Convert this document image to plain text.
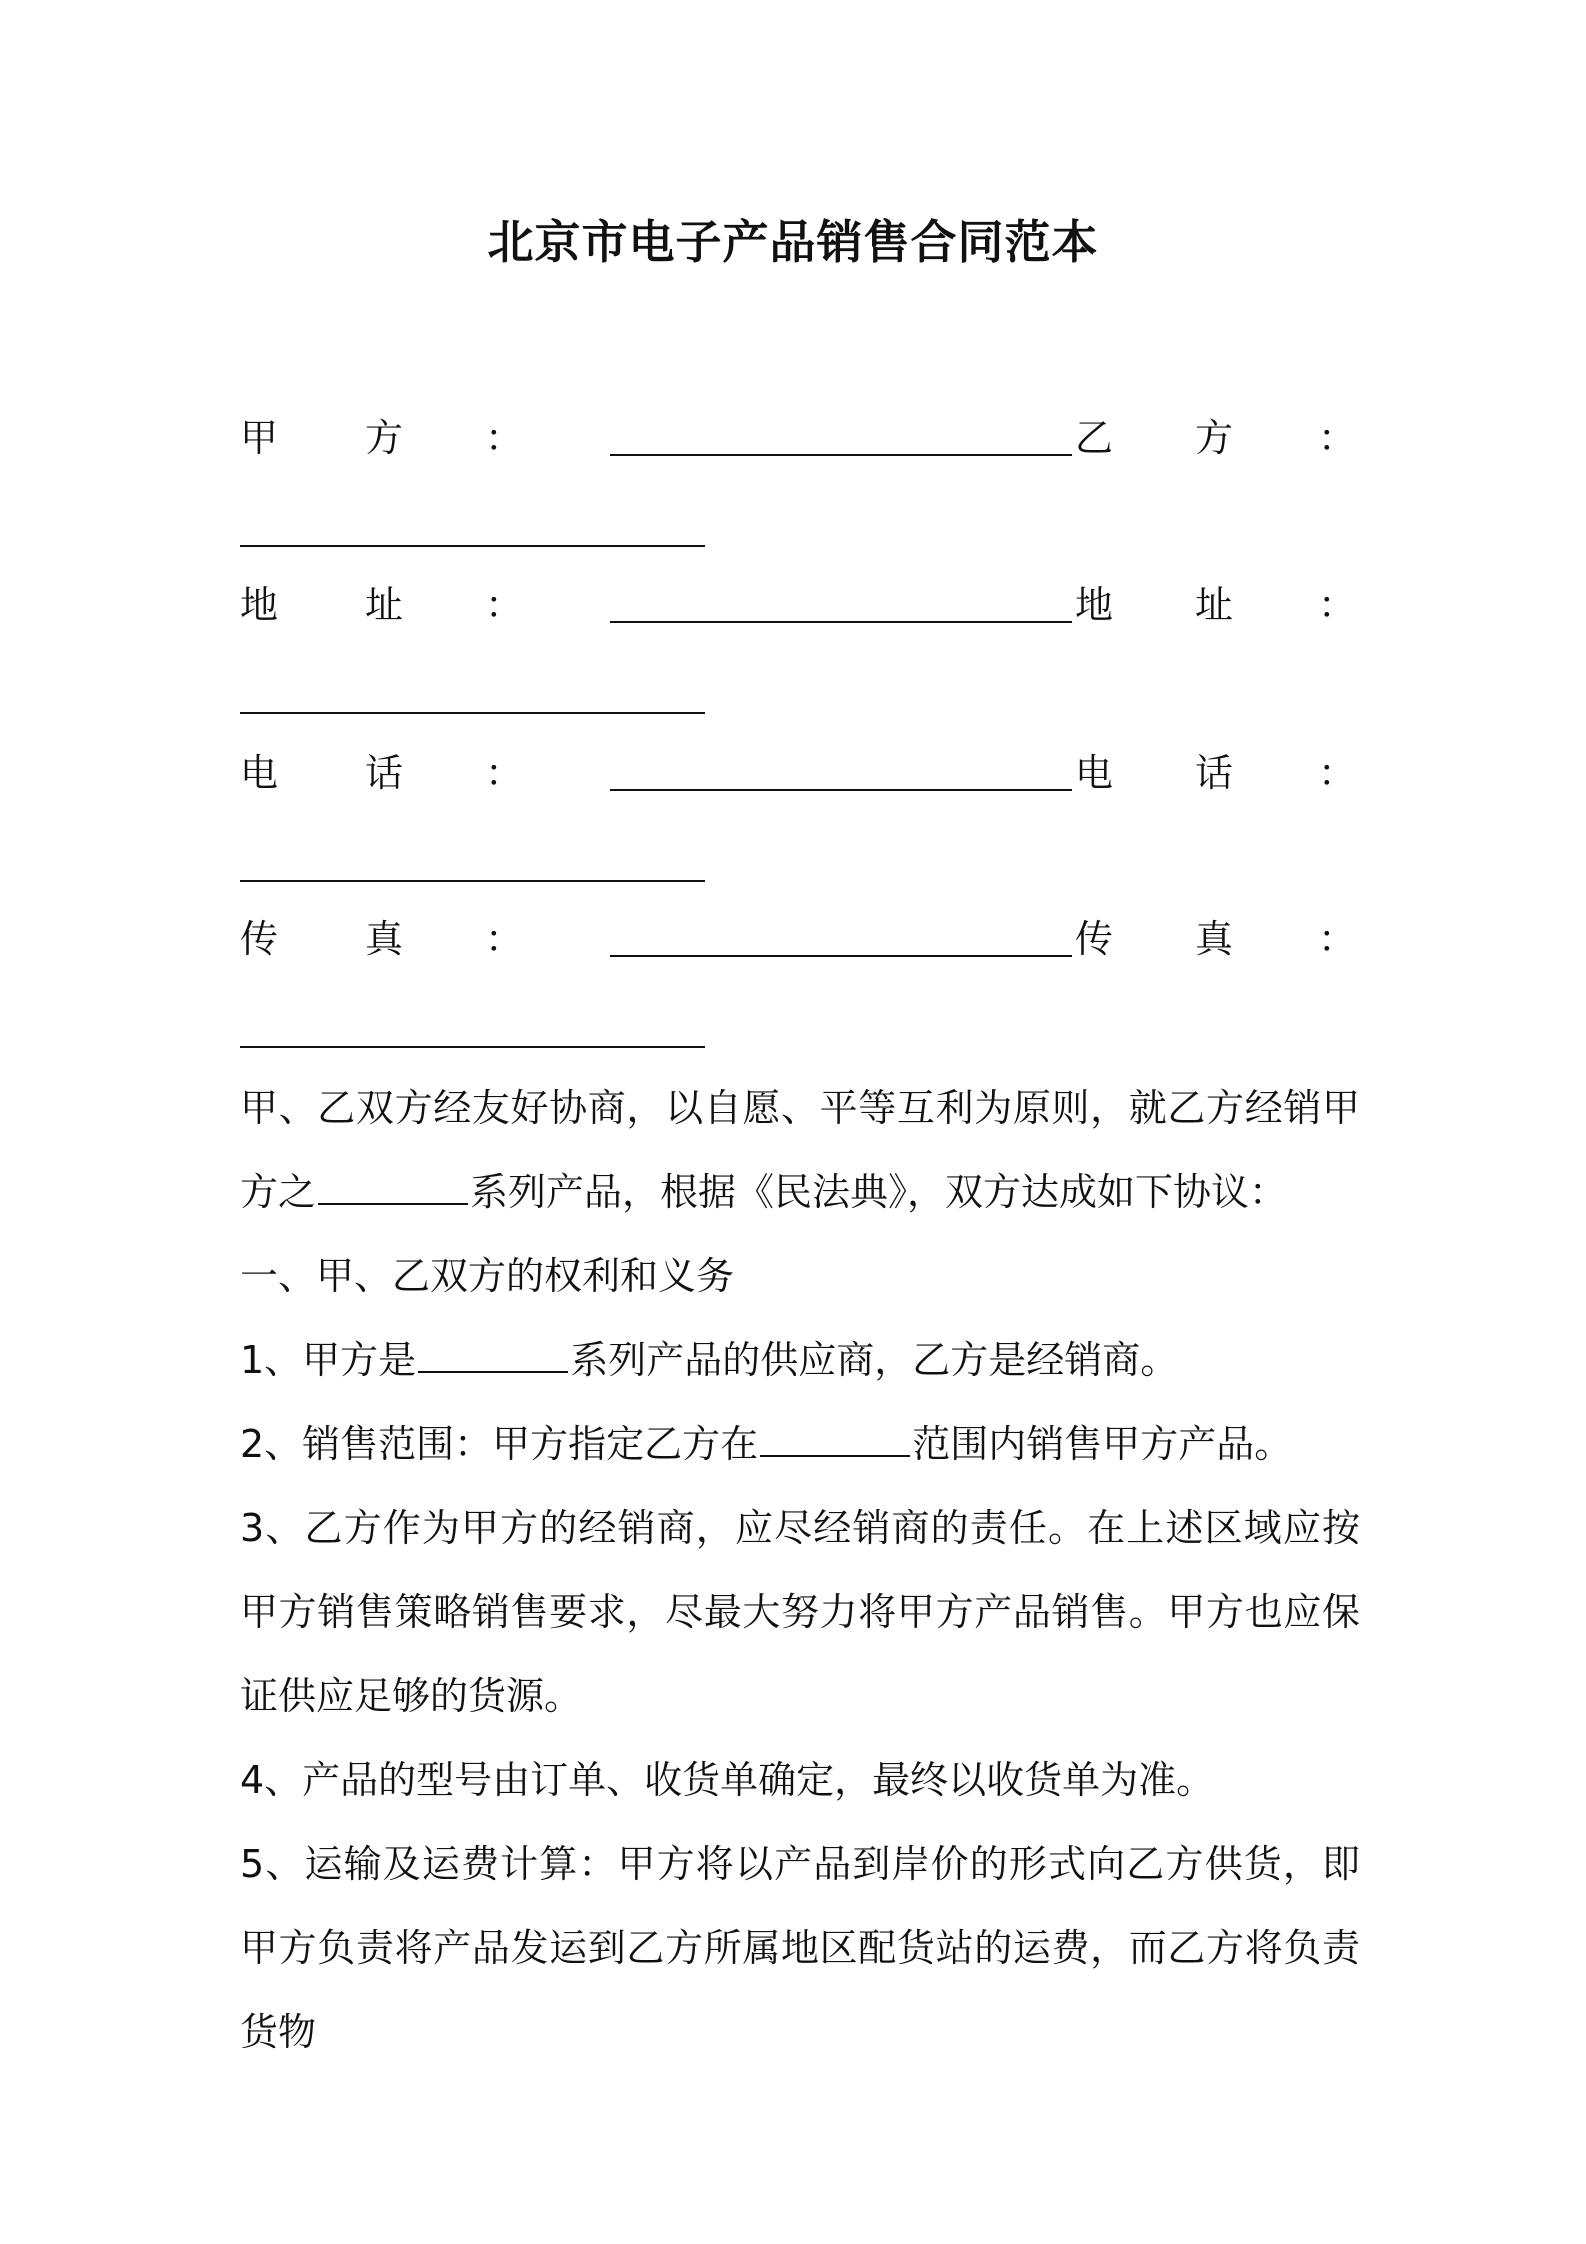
北京市电子产品销售合同范本
甲 方 ：	乙 方 ：
地 址 ：	地 址 ：
电 话 ：	电 话 ：
传 真 ：	传 真 ：

甲、乙双方经友好协商，以自愿、平等互利为原则，就乙方经销甲方之	系列产品，根据《民法典》，双方达成如下协议：

一、甲、乙双方的权利和义务

1、甲方是	系列产品的供应商，乙方是经销商。

2、销售范围：甲方指定乙方在	范围内销售甲方产品。

3、乙方作为甲方的经销商，应尽经销商的责任。在上述区域应按甲方销售策略销售要求，尽最大努力将甲方产品销售。甲方也应保证供应足够的货源。

4、产品的型号由订单、收货单确定，最终以收货单为准。

5、运输及运费计算：甲方将以产品到岸价的形式向乙方供货，即甲方负责将产品发运到乙方所属地区配货站的运费，而乙方将负责货物
